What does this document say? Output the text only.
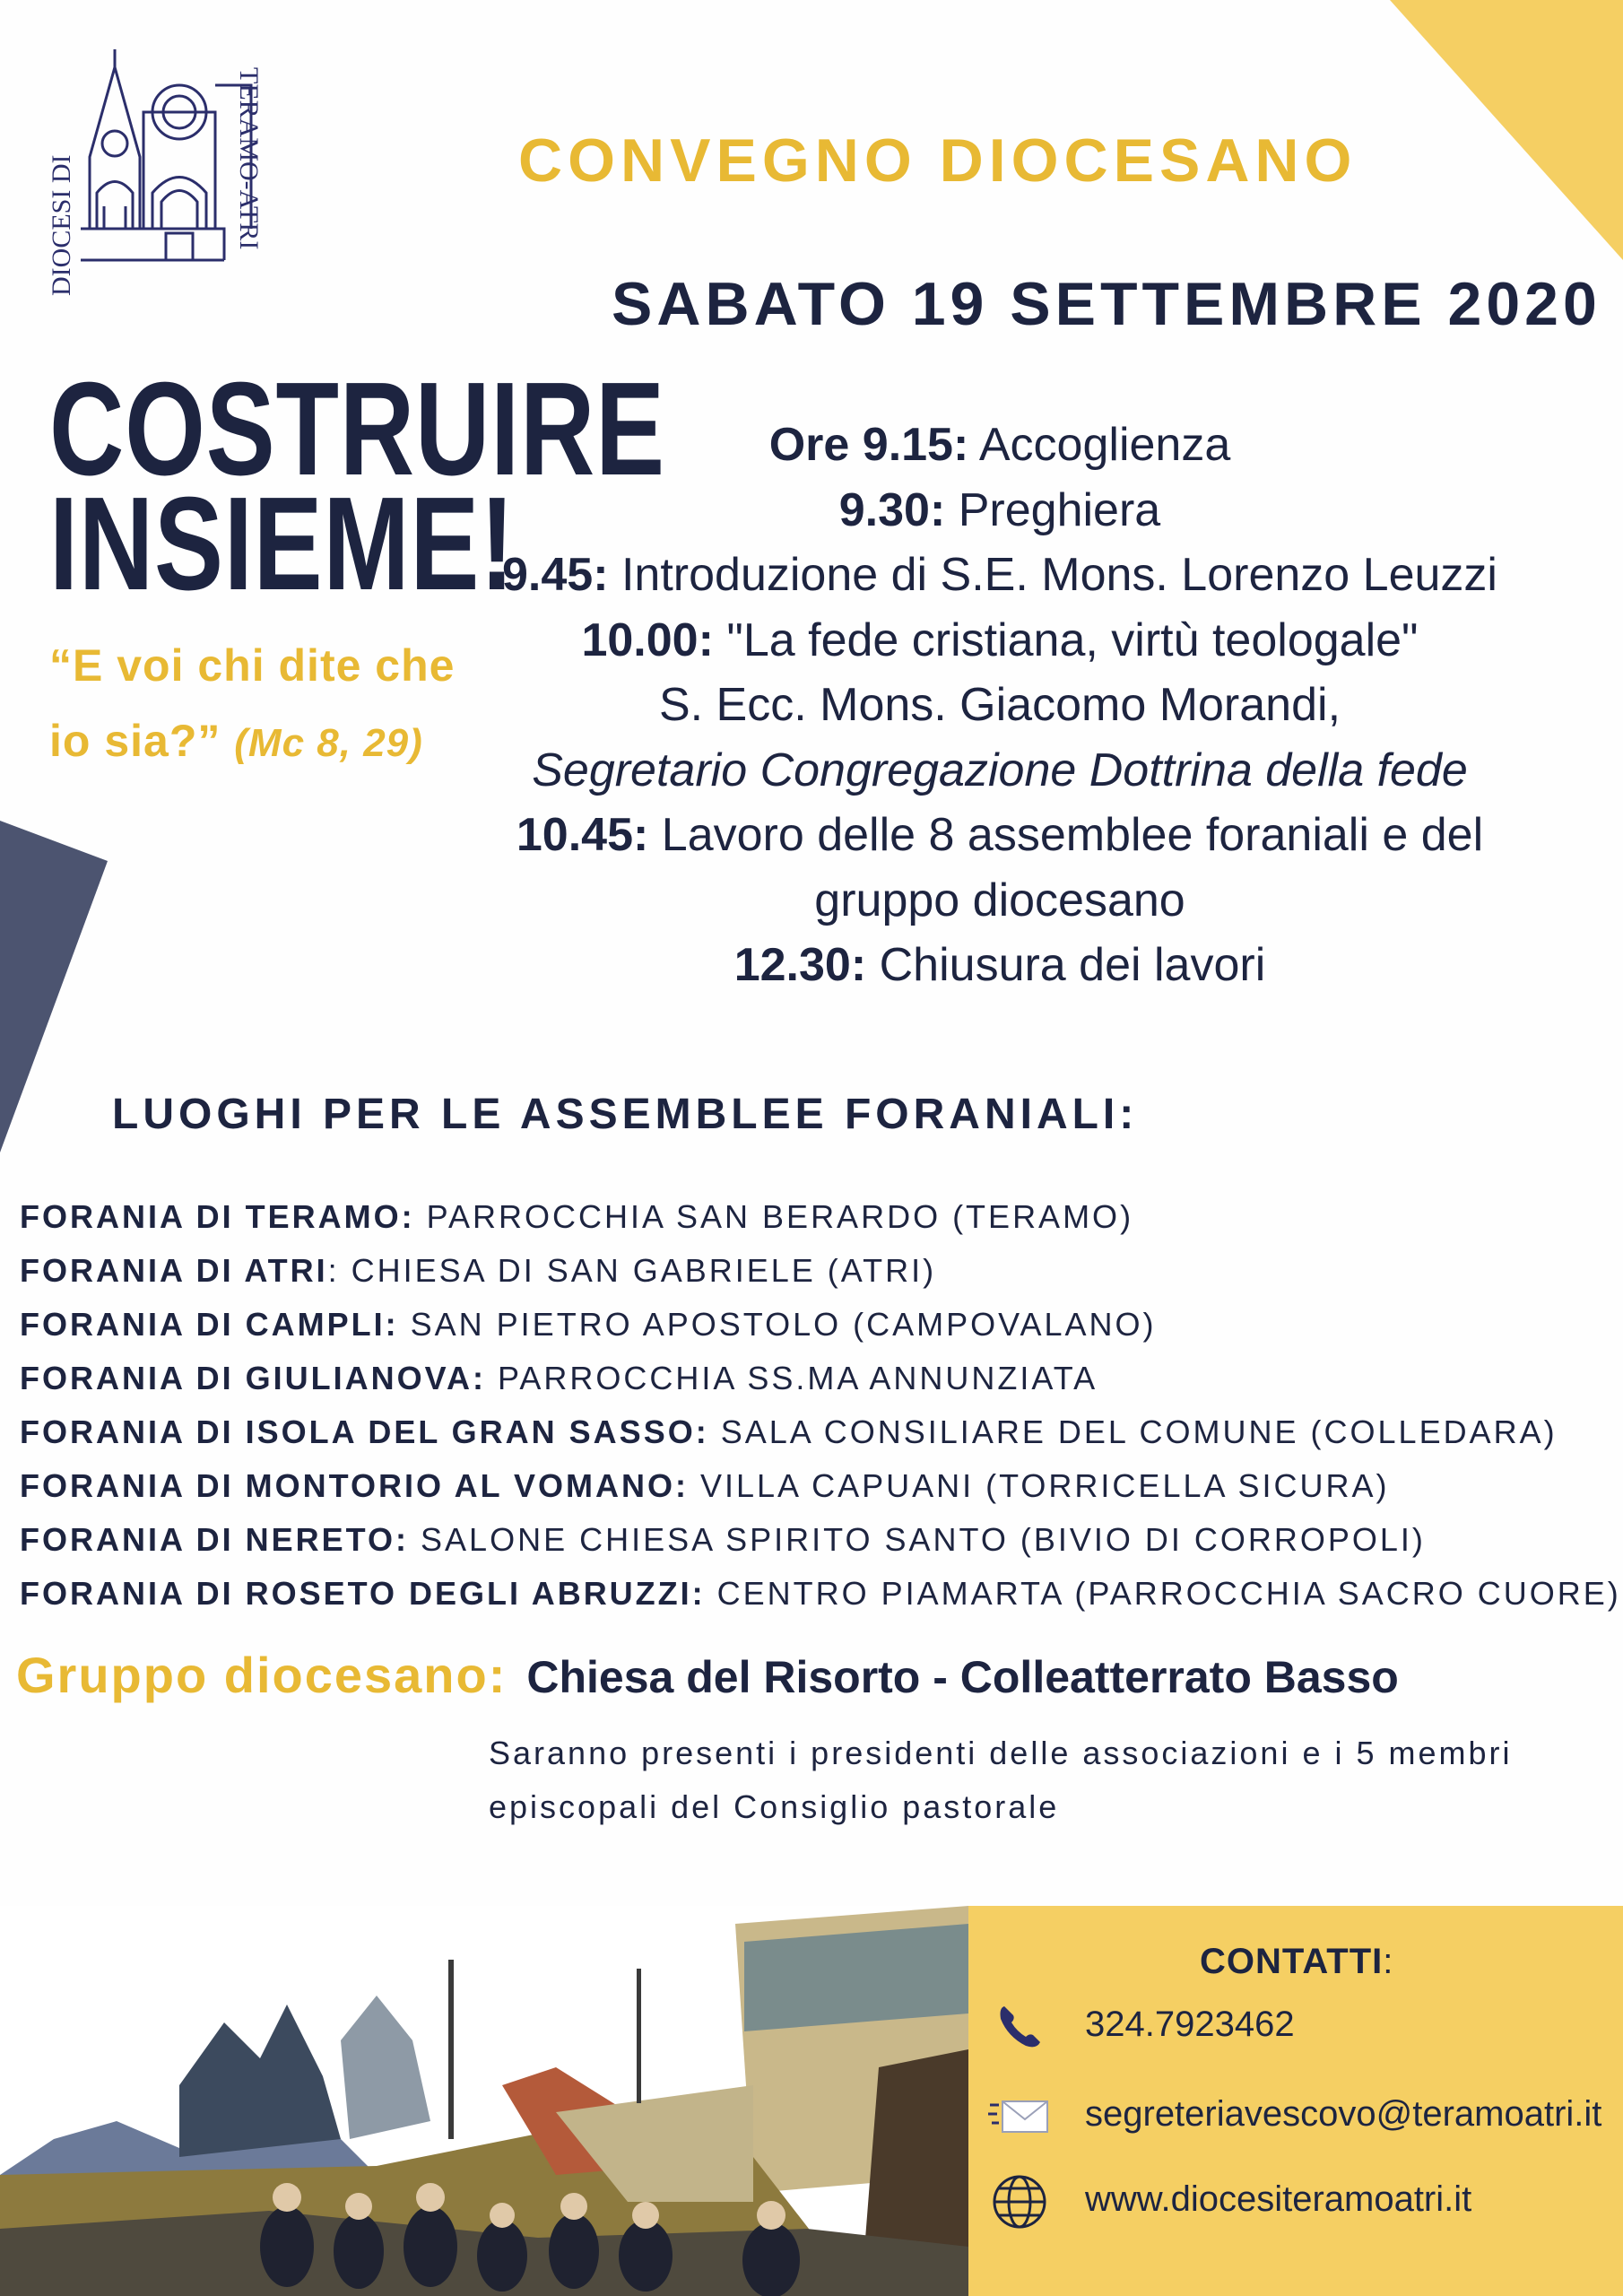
DIOCESI DI	TERAMO-ATRI	CONVEGNO DIOCESANO
SABATO 19 SETTEMBRE 2020
COSTRUIRE
INSIEME!
“E voi chi dite che
io sia?” (Mc 8, 29)
Ore 9.15: Accoglienza
9.30: Preghiera
9.45: Introduzione di S.E. Mons. Lorenzo Leuzzi
10.00: "La fede cristiana, virtù teologale"
S. Ecc. Mons. Giacomo Morandi,
Segretario Congregazione Dottrina della fede
10.45: Lavoro delle 8 assemblee foraniali e del
gruppo diocesano
12.30: Chiusura dei lavori
LUOGHI PER LE ASSEMBLEE FORANIALI:
FORANIA DI TERAMO: PARROCCHIA SAN BERARDO (TERAMO)
FORANIA DI ATRI: CHIESA DI SAN GABRIELE (ATRI)
FORANIA DI CAMPLI: SAN PIETRO APOSTOLO (CAMPOVALANO)
FORANIA DI GIULIANOVA: PARROCCHIA SS.MA ANNUNZIATA
FORANIA DI ISOLA DEL GRAN SASSO: SALA CONSILIARE DEL COMUNE (COLLEDARA)
FORANIA DI MONTORIO AL VOMANO: VILLA CAPUANI (TORRICELLA SICURA)
FORANIA DI NERETO: SALONE CHIESA SPIRITO SANTO (BIVIO DI CORROPOLI)
FORANIA DI ROSETO DEGLI ABRUZZI: CENTRO PIAMARTA (PARROCCHIA SACRO CUORE)
Gruppo diocesano: Chiesa del Risorto - Colleatterrato Basso
Saranno presenti i presidenti delle associazioni e i 5 membri
episcopali del Consiglio pastorale
CONTATTI:
324.7923462
segreteriavescovo@teramoatri.it
www.diocesiteramoatri.it
